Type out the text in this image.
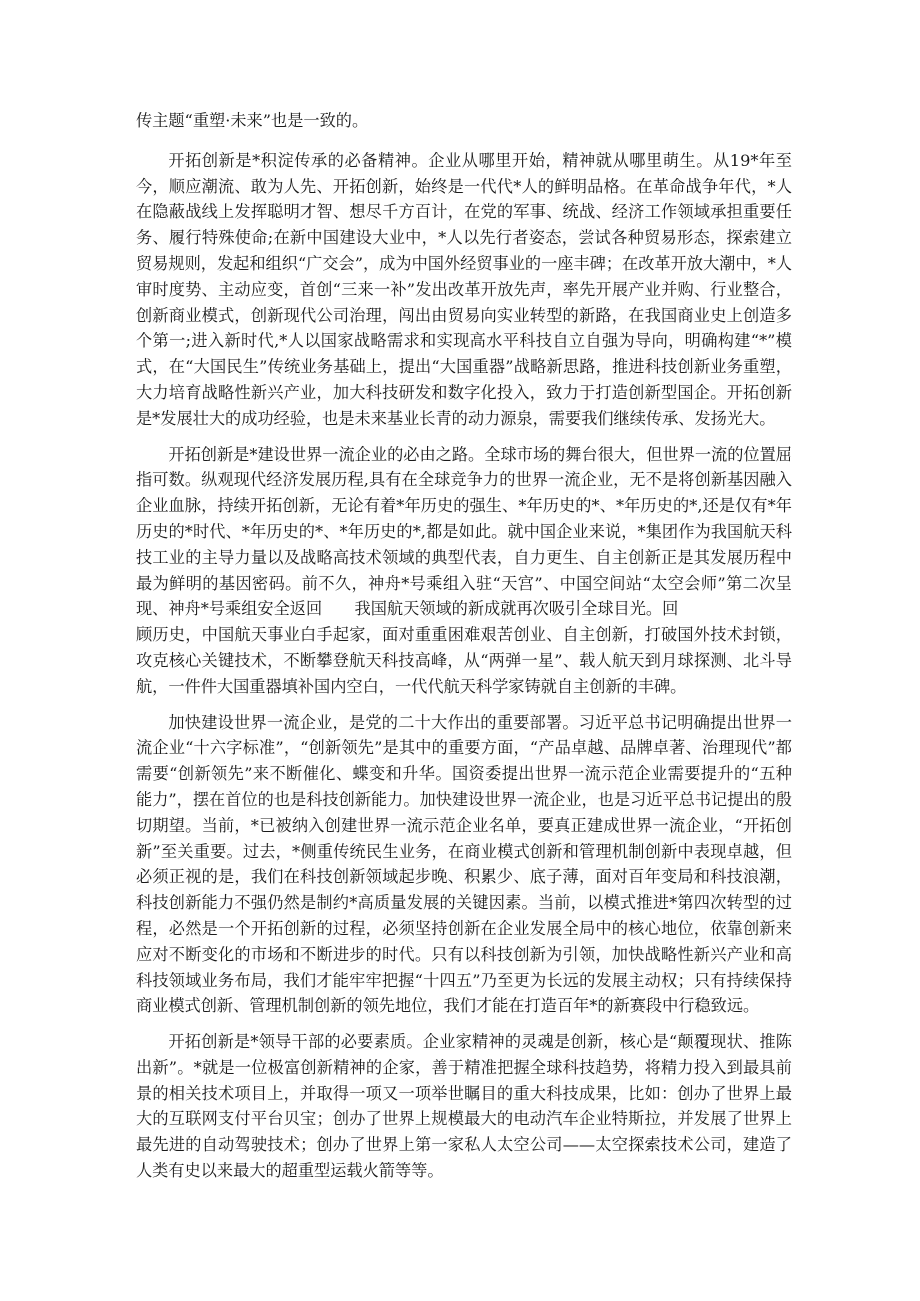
传主题“重塑·未来”也是一致的。

开拓创新是*积淀传承的必备精神。企业从哪里开始，精神就从哪里萌生。从19*年至今，顺应潮流、敢为人先、开拓创新，始终是一代代*人的鲜明品格。在革命战争年代，*人在隐蔽战线上发挥聪明才智、想尽千方百计，在党的军事、统战、经济工作领域承担重要任务、履行特殊使命;在新中国建设大业中，*人以先行者姿态，尝试各种贸易形态，探索建立贸易规则，发起和组织“广交会”，成为中国外经贸事业的一座丰碑；在改革开放大潮中，*人审时度势、主动应变，首创“三来一补”发出改革开放先声，率先开展产业并购、行业整合，创新商业模式，创新现代公司治理，闯出由贸易向实业转型的新路，在我国商业史上创造多个第一;进入新时代,*人以国家战略需求和实现高水平科技自立自强为导向，明确构建“*”模式，在“大国民生”传统业务基础上，提出“大国重器”战略新思路，推进科技创新业务重塑，大力培育战略性新兴产业，加大科技研发和数字化投入，致力于打造创新型国企。开拓创新是*发展壮大的成功经验，也是未来基业长青的动力源泉，需要我们继续传承、发扬光大。

开拓创新是*建设世界一流企业的必由之路。全球市场的舞台很大，但世界一流的位置屈指可数。纵观现代经济发展历程,具有在全球竞争力的世界一流企业，无不是将创新基因融入企业血脉，持续开拓创新，无论有着*年历史的强生、*年历史的*、*年历史的*,还是仅有*年历史的*时代、*年历史的*、*年历史的*,都是如此。就中国企业来说，*集团作为我国航天科技工业的主导力量以及战略高技术领域的典型代表，自力更生、自主创新正是其发展历程中最为鲜明的基因密码。前不久，神舟*号乘组入驻“天宫”、中国空间站“太空会师”第二次呈现、神舟*号乘组安全返回　　我国航天领域的新成就再次吸引全球目光。回

顾历史，中国航天事业白手起家，面对重重困难艰苦创业、自主创新，打破国外技术封锁，攻克核心关键技术，不断攀登航天科技高峰，从“两弹一星”、载人航天到月球探测、北斗导航，一件件大国重器填补国内空白，一代代航天科学家铸就自主创新的丰碑。

加快建设世界一流企业，是党的二十大作出的重要部署。习近平总书记明确提出世界一流企业“十六字标准”，“创新领先”是其中的重要方面，“产品卓越、品牌卓著、治理现代”都需要“创新领先”来不断催化、蝶变和升华。国资委提出世界一流示范企业需要提升的“五种能力”，摆在首位的也是科技创新能力。加快建设世界一流企业，也是习近平总书记提出的殷切期望。当前，*已被纳入创建世界一流示范企业名单，要真正建成世界一流企业，“开拓创新”至关重要。过去，*侧重传统民生业务，在商业模式创新和管理机制创新中表现卓越，但必须正视的是，我们在科技创新领域起步晚、积累少、底子薄，面对百年变局和科技浪潮，科技创新能力不强仍然是制约*高质量发展的关键因素。当前，以模式推进*第四次转型的过程，必然是一个开拓创新的过程，必须坚持创新在企业发展全局中的核心地位，依靠创新来应对不断变化的市场和不断进步的时代。只有以科技创新为引领，加快战略性新兴产业和高科技领域业务布局，我们才能牢牢把握“十四五”乃至更为长远的发展主动权；只有持续保持商业模式创新、管理机制创新的领先地位，我们才能在打造百年*的新赛段中行稳致远。

开拓创新是*领导干部的必要素质。企业家精神的灵魂是创新，核心是“颠覆现状、推陈出新”。*就是一位极富创新精神的企家，善于精准把握全球科技趋势，将精力投入到最具前景的相关技术项目上，并取得一项又一项举世瞩目的重大科技成果，比如：创办了世界上最大的互联网支付平台贝宝；创办了世界上规模最大的电动汽车企业特斯拉，并发展了世界上最先进的自动驾驶技术；创办了世界上第一家私人太空公司——太空探索技术公司，建造了人类有史以来最大的超重型运载火箭等等。
